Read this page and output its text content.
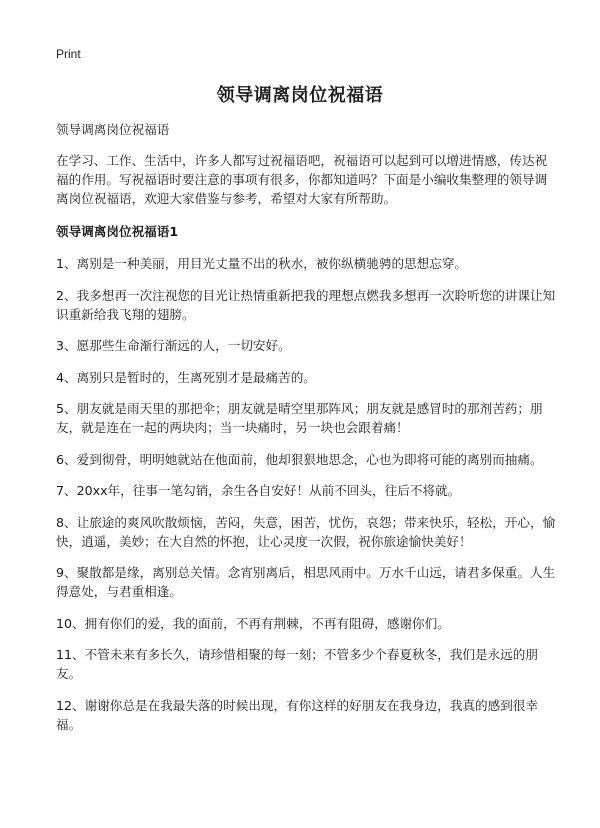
Print
领导调离岗位祝福语

领导调离岗位祝福语

在学习、工作、生活中，许多人都写过祝福语吧，祝福语可以起到可以增进情感，传达祝福的作用。写祝福语时要注意的事项有很多，你都知道吗？下面是小编收集整理的领导调离岗位祝福语，欢迎大家借鉴与参考，希望对大家有所帮助。

领导调离岗位祝福语1

1、离别是一种美丽，用目光丈量不出的秋水，被你纵横驰骋的思想忘穿。

2、我多想再一次注视您的目光让热情重新把我的理想点燃我多想再一次聆听您的讲课让知识重新给我飞翔的翅膀。

3、愿那些生命渐行渐远的人，一切安好。

4、离别只是暂时的，生离死别才是最痛苦的。

5、朋友就是雨天里的那把伞；朋友就是晴空里那阵风；朋友就是感冒时的那剂苦药；朋友，就是连在一起的两块肉；当一块痛时，另一块也会跟着痛！

6、爱到彻骨，明明她就站在他面前，他却狠狠地思念，心也为即将可能的离别而抽痛。

7、20xx年，往事一笔勾销，余生各自安好！从前不回头，往后不将就。

8、让旅途的爽风吹散烦恼，苦闷，失意，困苦，忧伤，哀怨；带来快乐，轻松，开心，愉快，逍遥，美妙；在大自然的怀抱，让心灵度一次假，祝你旅途愉快美好！

9、聚散都是缘，离别总关情。念宵别离后，相思风雨中。万水千山远，请君多保重。人生得意处，与君重相逢。

10、拥有你们的爱，我的面前，不再有荆棘，不再有阻碍，感谢你们。

11、不管未来有多长久，请珍惜相聚的每一刻；不管多少个春夏秋冬，我们是永远的朋友。

12、谢谢你总是在我最失落的时候出现，有你这样的好朋友在我身边，我真的感到很幸福。
